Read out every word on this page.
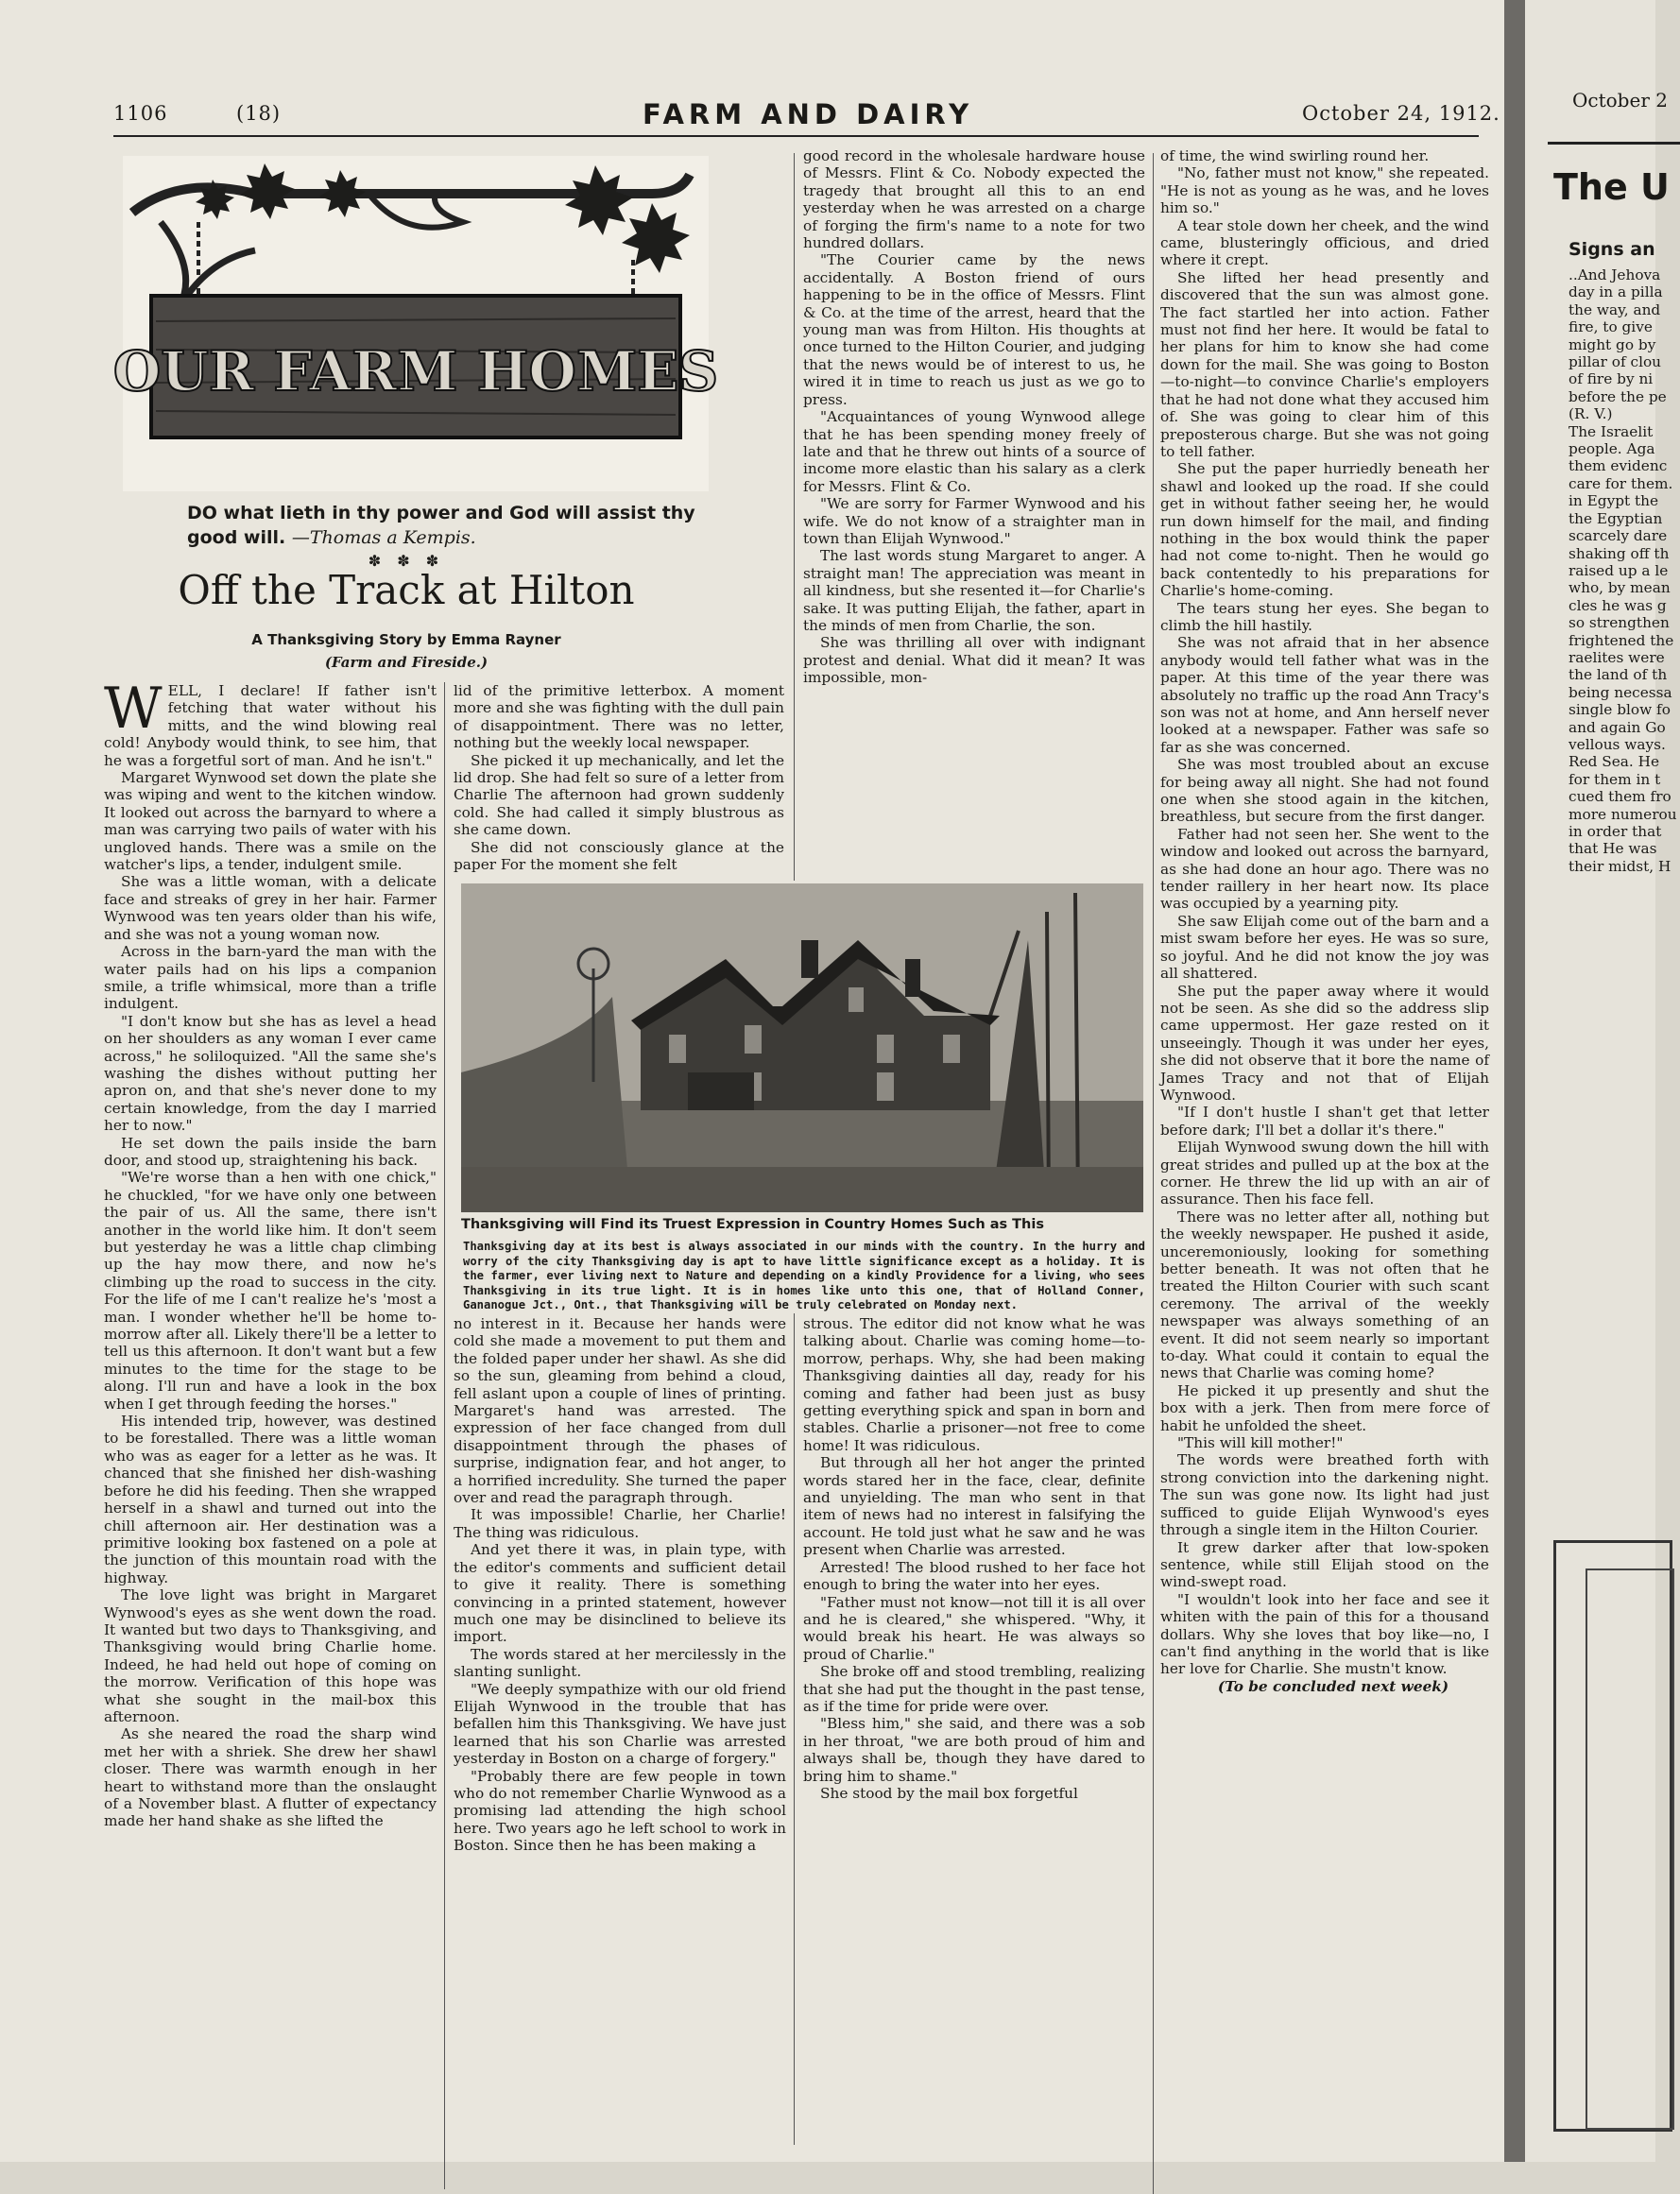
1106	(18)	FARM AND DAIRY	October 24, 1912.
OUR FARM HOMES
DO what lieth in thy power and God will assist thy good will. —Thomas a Kempis.
✽ ✽ ✽
Off the Track at Hilton
A Thanksgiving Story by Emma Rayner
(Farm and Fireside.)
W ELL, I declare! If father isn't fetching that water without his mitts, and the wind blowing real cold! Anybody would think, to see him, that he was a forgetful sort of man. And he isn't."

Margaret Wynwood set down the plate she was wiping and went to the kitchen window. It looked out across the barnyard to where a man was carrying two pails of water with his ungloved hands. There was a smile on the watcher's lips, a tender, indulgent smile.

She was a little woman, with a delicate face and streaks of grey in her hair. Farmer Wynwood was ten years older than his wife, and she was not a young woman now.

Across in the barn-yard the man with the water pails had on his lips a companion smile, a trifle whimsical, more than a trifle indulgent.

"I don't know but she has as level a head on her shoulders as any woman I ever came across," he soliloquized. "All the same she's washing the dishes without putting her apron on, and that she's never done to my certain knowledge, from the day I married her to now."

He set down the pails inside the barn door, and stood up, straightening his back.

"We're worse than a hen with one chick," he chuckled, "for we have only one between the pair of us. All the same, there isn't another in the world like him. It don't seem but yesterday he was a little chap climbing up the hay mow there, and now he's climbing up the road to success in the city. For the life of me I can't realize he's 'most a man. I wonder whether he'll be home to-morrow after all. Likely there'll be a letter to tell us this afternoon. It don't want but a few minutes to the time for the stage to be along. I'll run and have a look in the box when I get through feeding the horses."

His intended trip, however, was destined to be forestalled. There was a little woman who was as eager for a letter as he was. It chanced that she finished her dish-washing before he did his feeding. Then she wrapped herself in a shawl and turned out into the chill afternoon air. Her destination was a primitive looking box fastened on a pole at the junction of this mountain road with the highway.

The love light was bright in Margaret Wynwood's eyes as she went down the road. It wanted but two days to Thanksgiving, and Thanksgiving would bring Charlie home. Indeed, he had held out hope of coming on the morrow. Verification of this hope was what she sought in the mail-box this afternoon.

As she neared the road the sharp wind met her with a shriek. She drew her shawl closer. There was warmth enough in her heart to withstand more than the onslaught of a November blast. A flutter of expectancy made her hand shake as she lifted the

lid of the primitive letterbox. A moment more and she was fighting with the dull pain of disappointment. There was no letter, nothing but the weekly local newspaper.

She picked it up mechanically, and let the lid drop. She had felt so sure of a letter from Charlie The afternoon had grown suddenly cold. She had called it simply blustrous as she came down.

She did not consciously glance at the paper For the moment she felt

good record in the wholesale hardware house of Messrs. Flint & Co. Nobody expected the tragedy that brought all this to an end yesterday when he was arrested on a charge of forging the firm's name to a note for two hundred dollars.

"The Courier came by the news accidentally. A Boston friend of ours happening to be in the office of Messrs. Flint & Co. at the time of the arrest, heard that the young man was from Hilton. His thoughts at once turned to the Hilton Courier, and judging that the news would be of interest to us, he wired it in time to reach us just as we go to press.

"Acquaintances of young Wynwood allege that he has been spending money freely of late and that he threw out hints of a source of income more elastic than his salary as a clerk for Messrs. Flint & Co.

"We are sorry for Farmer Wynwood and his wife. We do not know of a straighter man in town than Elijah Wynwood."

The last words stung Margaret to anger. A straight man! The appreciation was meant in all kindness, but she resented it—for Charlie's sake. It was putting Elijah, the father, apart in the minds of men from Charlie, the son.

She was thrilling all over with indignant protest and denial. What did it mean? It was impossible, mon-

of time, the wind swirling round her.

"No, father must not know," she repeated. "He is not as young as he was, and he loves him so."

A tear stole down her cheek, and the wind came, blusteringly officious, and dried where it crept.

She lifted her head presently and discovered that the sun was almost gone. The fact startled her into action. Father must not find her here. It would be fatal to her plans for him to know she had come down for the mail. She was going to Boston—to-night—to convince Charlie's employers that he had not done what they accused him of. She was going to clear him of this preposterous charge. But she was not going to tell father.

She put the paper hurriedly beneath her shawl and looked up the road. If she could get in without father seeing her, he would run down himself for the mail, and finding nothing in the box would think the paper had not come to-night. Then he would go back contentedly to his preparations for Charlie's home-coming.

The tears stung her eyes. She began to climb the hill hastily.

She was not afraid that in her absence anybody would tell father what was in the paper. At this time of the year there was absolutely no traffic up the road Ann Tracy's son was not at home, and Ann herself never looked at a newspaper. Father was safe so far as she was concerned.

She was most troubled about an excuse for being away all night. She had not found one when she stood again in the kitchen, breathless, but secure from the first danger.

Father had not seen her. She went to the window and looked out across the barnyard, as she had done an hour ago. There was no tender raillery in her heart now. Its place was occupied by a yearning pity.

She saw Elijah come out of the barn and a mist swam before her eyes. He was so sure, so joyful. And he did not know the joy was all shattered.

She put the paper away where it would not be seen. As she did so the address slip came uppermost. Her gaze rested on it unseeingly. Though it was under her eyes, she did not observe that it bore the name of James Tracy and not that of Elijah Wynwood.

"If I don't hustle I shan't get that letter before dark; I'll bet a dollar it's there."

Elijah Wynwood swung down the hill with great strides and pulled up at the box at the corner. He threw the lid up with an air of assurance. Then his face fell.

There was no letter after all, nothing but the weekly newspaper. He pushed it aside, unceremoniously, looking for something better beneath. It was not often that he treated the Hilton Courier with such scant ceremony. The arrival of the weekly newspaper was always something of an event. It did not seem nearly so important to-day. What could it contain to equal the news that Charlie was coming home?

He picked it up presently and shut the box with a jerk. Then from mere force of habit he unfolded the sheet.

"This will kill mother!"

The words were breathed forth with strong conviction into the darkening night. The sun was gone now. Its light had just sufficed to guide Elijah Wynwood's eyes through a single item in the Hilton Courier.

It grew darker after that low-spoken sentence, while still Elijah stood on the wind-swept road.

"I wouldn't look into her face and see it whiten with the pain of this for a thousand dollars. Why she loves that boy like—no, I can't find anything in the world that is like her love for Charlie. She mustn't know.

(To be concluded next week)

Thanksgiving will Find its Truest Expression in Country Homes Such as This
Thanksgiving day at its best is always associated in our minds with the country. In the hurry and worry of the city Thanksgiving day is apt to have little significance except as a holiday. It is the farmer, ever living next to Nature and depending on a kindly Providence for a living, who sees Thanksgiving in its true light. It is in homes like unto this one, that of Holland Conner, Gananogue Jct., Ont., that Thanksgiving will be truly celebrated on Monday next.

no interest in it. Because her hands were cold she made a movement to put them and the folded paper under her shawl. As she did so the sun, gleaming from behind a cloud, fell aslant upon a couple of lines of printing. Margaret's hand was arrested. The expression of her face changed from dull disappointment through the phases of surprise, indignation fear, and hot anger, to a horrified incredulity. She turned the paper over and read the paragraph through.

It was impossible! Charlie, her Charlie! The thing was ridiculous.

And yet there it was, in plain type, with the editor's comments and sufficient detail to give it reality. There is something convincing in a printed statement, however much one may be disinclined to believe its import.

The words stared at her mercilessly in the slanting sunlight.

"We deeply sympathize with our old friend Elijah Wynwood in the trouble that has befallen him this Thanksgiving. We have just learned that his son Charlie was arrested yesterday in Boston on a charge of forgery."

"Probably there are few people in town who do not remember Charlie Wynwood as a promising lad attending the high school here. Two years ago he left school to work in Boston. Since then he has been making a

strous. The editor did not know what he was talking about. Charlie was coming home—to-morrow, perhaps. Why, she had been making Thanksgiving dainties all day, ready for his coming and father had been just as busy getting everything spick and span in born and stables. Charlie a prisoner—not free to come home! It was ridiculous.

But through all her hot anger the printed words stared her in the face, clear, definite and unyielding. The man who sent in that item of news had no interest in falsifying the account. He told just what he saw and he was present when Charlie was arrested.

Arrested! The blood rushed to her face hot enough to bring the water into her eyes.

"Father must not know—not till it is all over and he is cleared," she whispered. "Why, it would break his heart. He was always so proud of Charlie."

She broke off and stood trembling, realizing that she had put the thought in the past tense, as if the time for pride were over.

"Bless him," she said, and there was a sob in her throat, "we are both proud of him and always shall be, though they have dared to bring him to shame."

She stood by the mail box forgetful

October 2
The U
Signs an
..And Jehova
day in a pilla
the way, and
fire, to give
might go by
pillar of clou
of fire by ni
before the pe
(R. V.)
The Israelit
people. Aga
them evidenc
care for them.
in Egypt the
the Egyptian
scarcely dare
shaking off th
raised up a le
who, by mean
cles he was g
so strengthen
frightened the
raelites were
the land of th
being necessa
single blow fo
and again Go
vellous ways.
Red Sea. He
for them in t
cued them fro
more numerou
in order that
that He was
their midst, H
